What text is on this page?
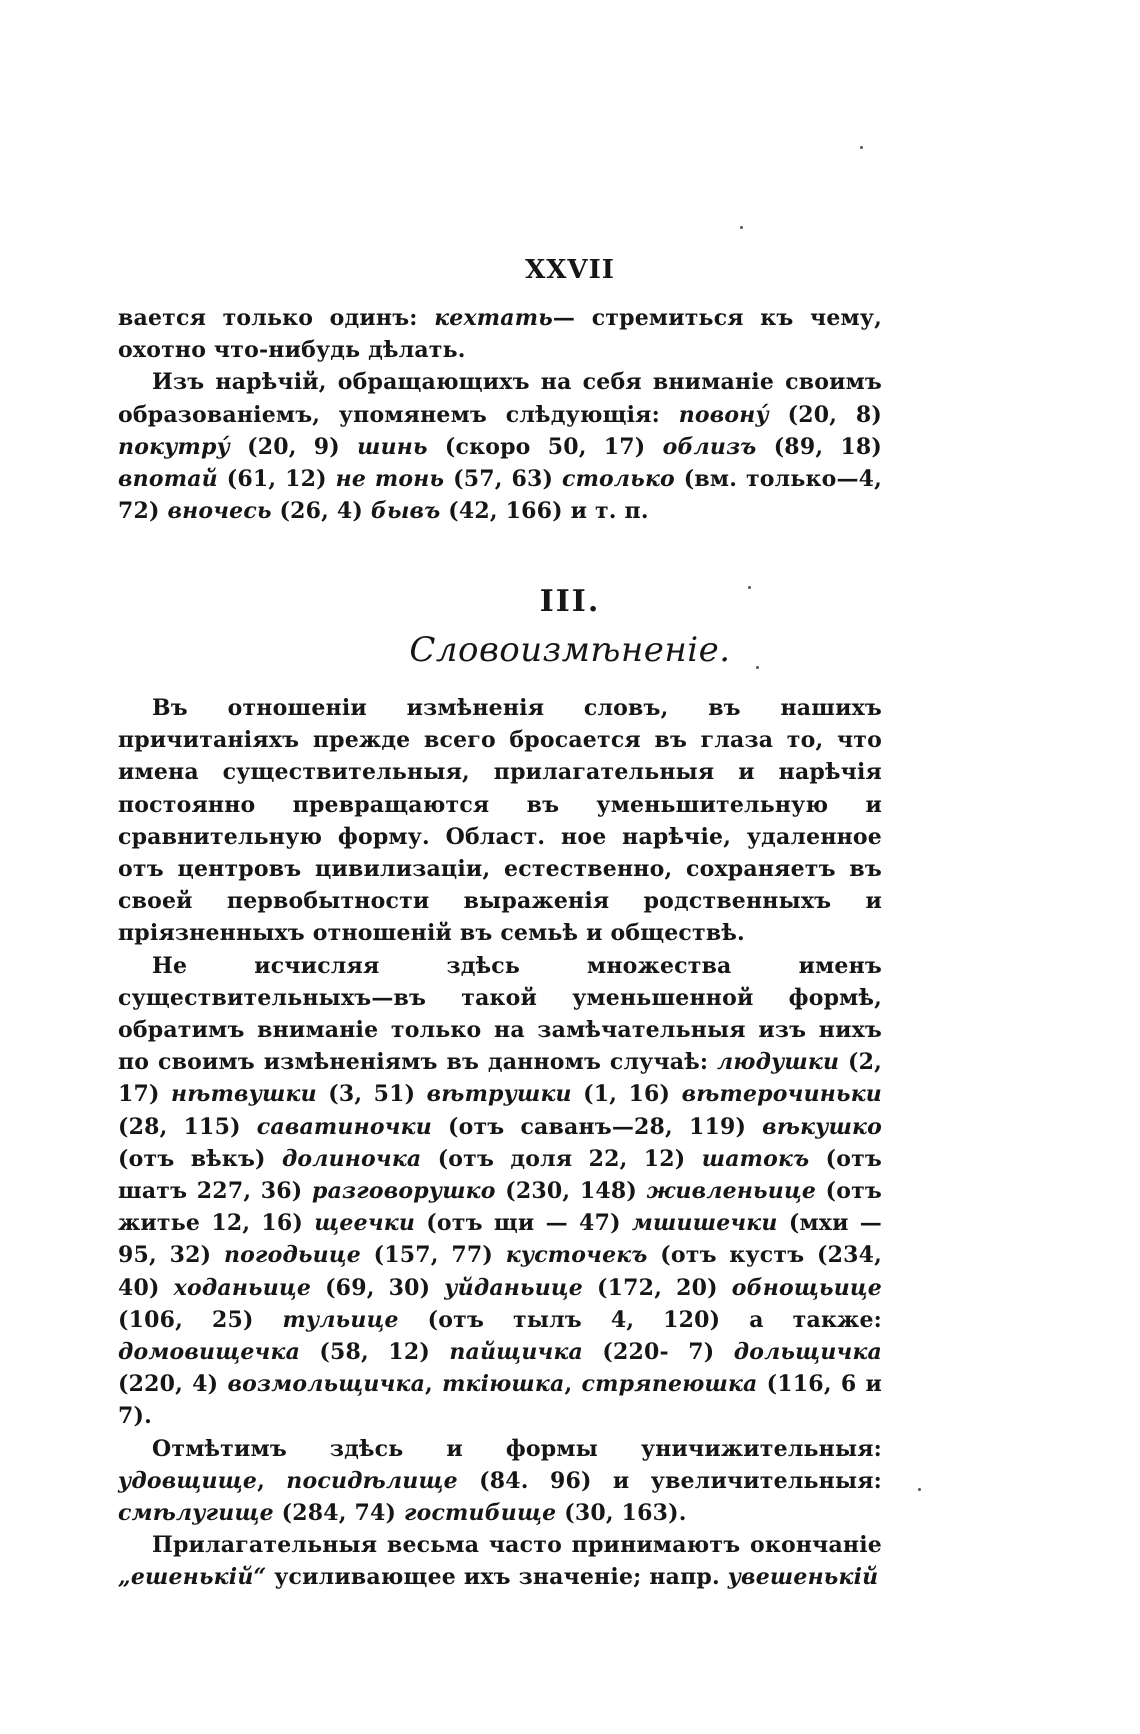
XXVII

вается только одинъ: кехтать— стремиться къ чему, охотно что-нибудь дѣлать.

Изъ нарѣчій, обращающихъ на себя вниманіе своимъ образованіемъ, упомянемъ слѣдующія: повону́ (20, 8) покутру́ (20, 9) шинь (скоро 50, 17) облизъ (89, 18) впотай (61, 12) не тонь (57, 63) столько (вм. только—4, 72) вночесь (26, 4) бывъ (42, 166) и т. п.

III.
Словоизмѣненіе.

Въ отношеніи измѣненія словъ, въ нашихъ причитаніяхъ прежде всего бросается въ глаза то, что имена существительныя, прилагательныя и нарѣчія постоянно превращаются въ уменьшительную и сравнительную форму. Област. ное нарѣчіе, удаленное отъ центровъ цивилизаціи, естественно, сохраняетъ въ своей первобытности выраженія родственныхъ и пріязненныхъ отношеній въ семьѣ и обществѣ.

Не исчисляя здѣсь множества именъ существительныхъ—въ такой уменьшенной формѣ, обратимъ вниманіе только на замѣчательныя изъ нихъ по своимъ измѣненіямъ въ данномъ случаѣ: людушки (2, 17) нѣтвушки (3, 51) вѣтрушки (1, 16) вѣтерочиньки (28, 115) саватиночки (отъ саванъ—28, 119) вѣкушко (отъ вѣкъ) долиночка (отъ доля 22, 12) шатокъ (отъ шатъ 227, 36) разговорушко (230, 148) живленьице (отъ житье 12, 16) щеечки (отъ щи — 47) мшишечки (мхи — 95, 32) погодьице (157, 77) кусточекъ (отъ кустъ (234, 40) ходаньице (69, 30) уйданьице (172, 20) обнощьице (106, 25) тульице (отъ тылъ 4, 120) а также: домовищечка (58, 12) пайщичка (220- 7) дольщичка (220, 4) возмольщичка, ткіюшка, стряпеюшка (116, 6 и 7).

Отмѣтимъ здѣсь и формы уничижительныя: удовщище, посидѣлище (84. 96) и увеличительныя: смѣлугище (284, 74) гостибище (30, 163).

Прилагательныя весьма часто принимаютъ окончаніе „ешенькій“ усиливающее ихъ значеніе; напр. увешенькій
